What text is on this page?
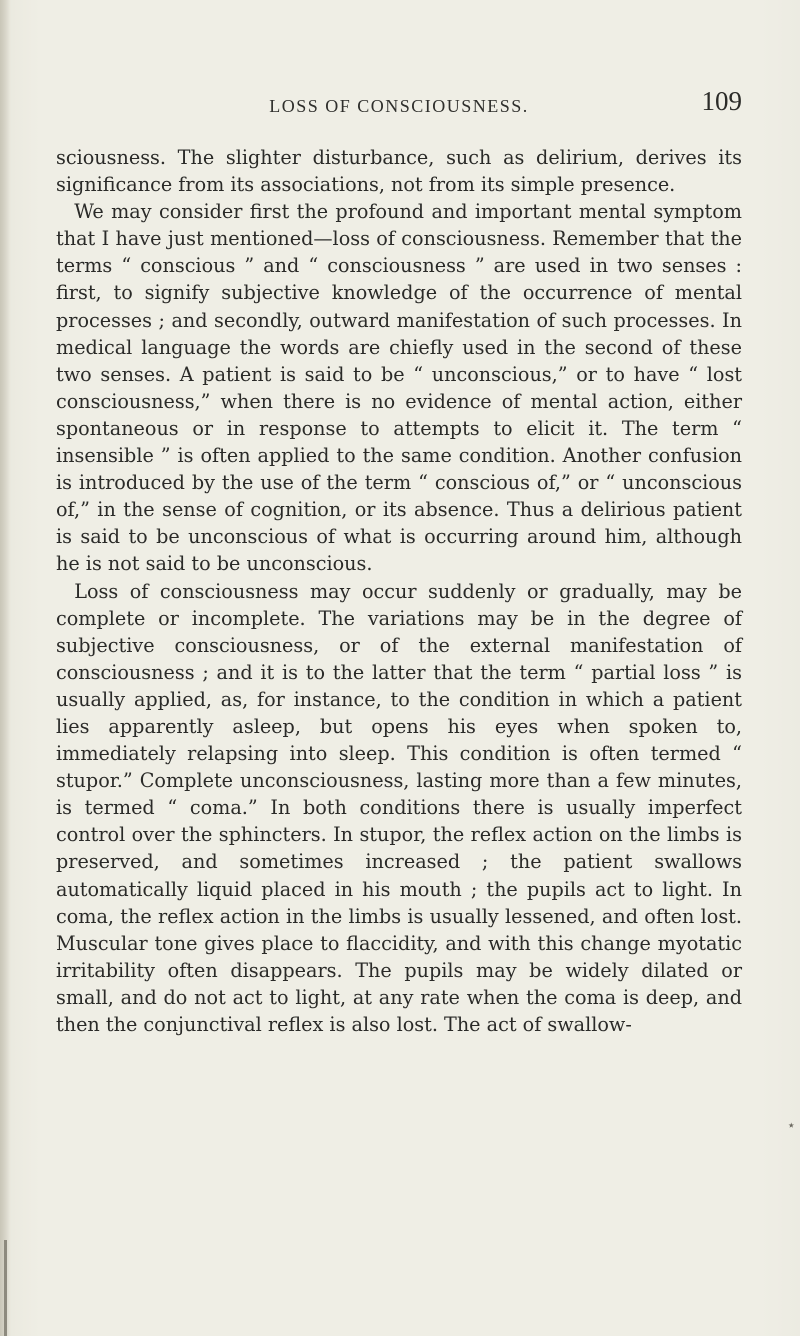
LOSS OF CONSCIOUSNESS.	109

sciousness. The slighter disturbance, such as delirium, derives its significance from its associations, not from its simple presence.

We may consider first the profound and important mental symptom that I have just mentioned—loss of consciousness. Remember that the terms “ conscious ” and “ consciousness ” are used in two senses : first, to signify subjective knowledge of the occurrence of mental processes ; and secondly, outward manifestation of such processes. In medical language the words are chiefly used in the second of these two senses. A patient is said to be “ unconscious,” or to have “ lost consciousness,” when there is no evidence of mental action, either spontaneous or in response to attempts to elicit it. The term “ insensible ” is often applied to the same condition. Another confusion is introduced by the use of the term “ conscious of,” or “ unconscious of,” in the sense of cognition, or its absence. Thus a delirious patient is said to be unconscious of what is occurring around him, although he is not said to be unconscious.

Loss of consciousness may occur suddenly or gradually, may be complete or incomplete. The variations may be in the degree of subjective consciousness, or of the external manifestation of consciousness ; and it is to the latter that the term “ partial loss ” is usually applied, as, for instance, to the condition in which a patient lies apparently asleep, but opens his eyes when spoken to, immediately relapsing into sleep. This condition is often termed “ stupor.” Complete unconsciousness, lasting more than a few minutes, is termed “ coma.” In both conditions there is usually imperfect control over the sphincters. In stupor, the reflex action on the limbs is preserved, and sometimes increased ; the patient swallows automatically liquid placed in his mouth ; the pupils act to light. In coma, the reflex action in the limbs is usually lessened, and often lost. Muscular tone gives place to flaccidity, and with this change myotatic irritability often disappears. The pupils may be widely dilated or small, and do not act to light, at any rate when the coma is deep, and then the conjunctival reflex is also lost. The act of swallow-

٭
